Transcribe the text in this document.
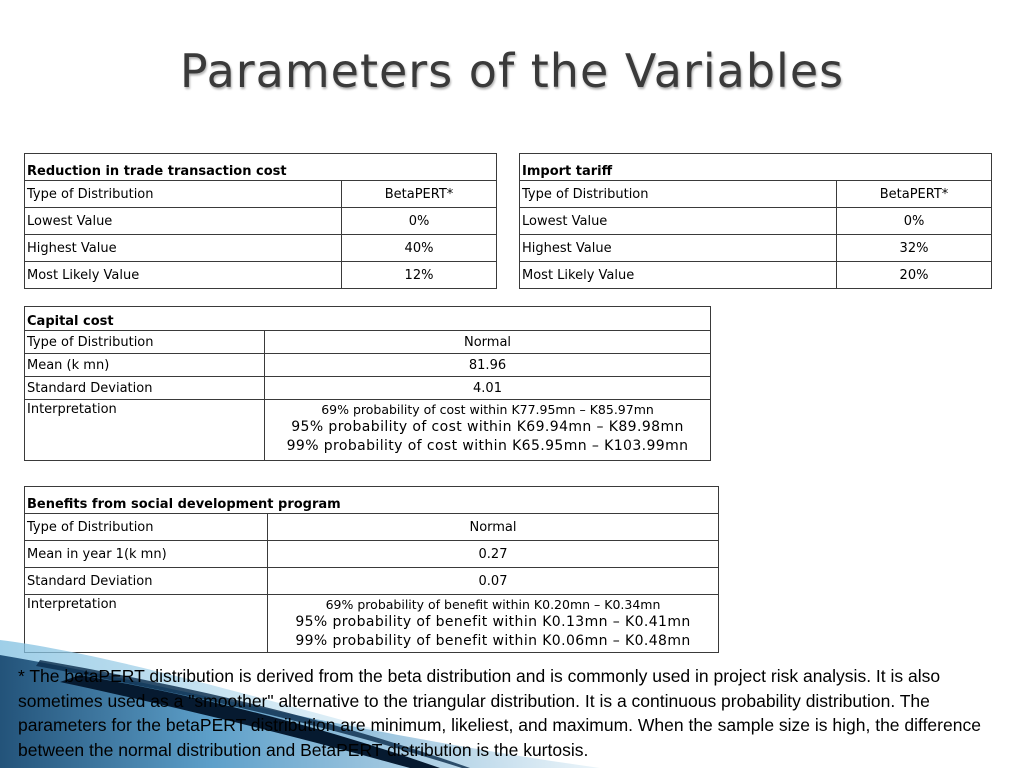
Parameters of the Variables
Reduction in trade transaction cost	
Type of Distribution	BetaPERT*
Lowest Value	0%
Highest Value	40%
Most Likely Value	12%
Import tariff	
Type of Distribution	BetaPERT*
Lowest Value	0%
Highest Value	32%
Most Likely Value	20%
Capital cost	
Type of Distribution	Normal
Mean (k mn)	81.96
Standard Deviation	4.01
Interpretation	69% probability of cost within K77.95mn – K85.97mn
95% probability of cost within K69.94mn – K89.98mn
99% probability of cost within K65.95mn – K103.99mn
Benefits from social development program	
Type of Distribution	Normal
Mean in year 1(k mn)	0.27
Standard Deviation	0.07
Interpretation	69% probability of benefit within K0.20mn – K0.34mn
95% probability of benefit within K0.13mn – K0.41mn
99% probability of benefit within K0.06mn – K0.48mn
* The betaPERT distribution is derived from the beta distribution and is commonly used in project risk analysis. It is also sometimes used as a "smoother" alternative to the triangular distribution. It is a continuous probability distribution. The parameters for the betaPERT distribution are minimum, likeliest, and maximum. When the sample size is high, the difference between the normal distribution and BetaPERT distribution is the kurtosis.
